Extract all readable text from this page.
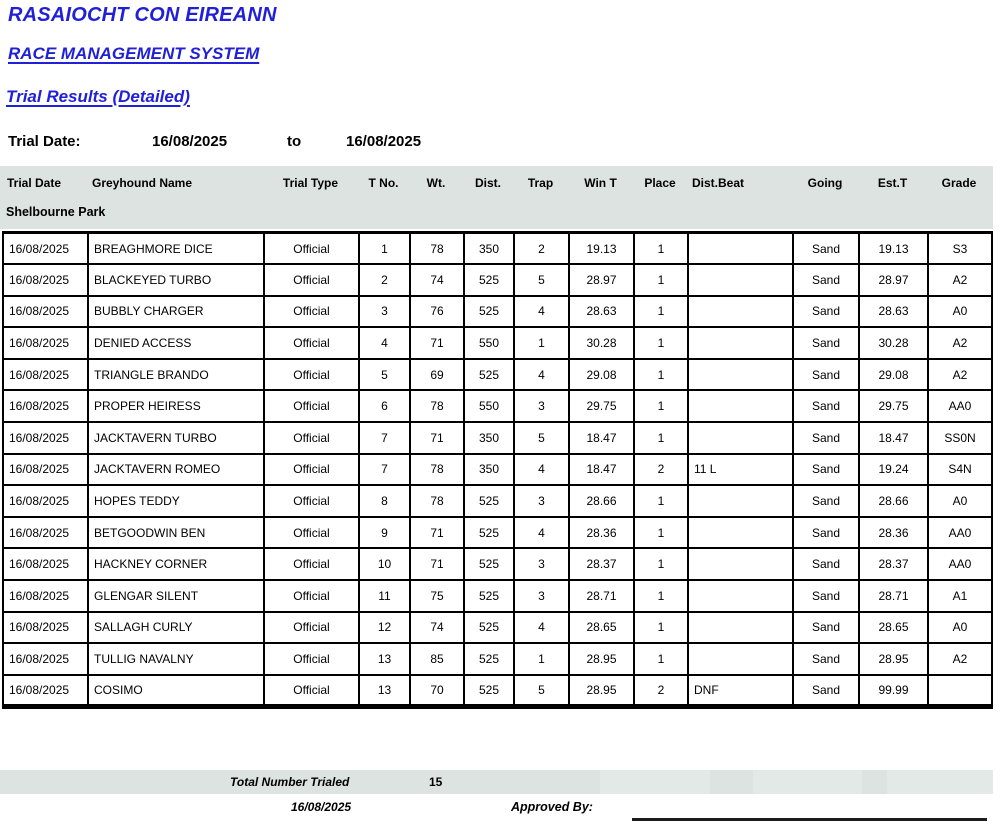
RASAIOCHT CON EIREANN
RACE MANAGEMENT SYSTEM
Trial Results (Detailed)
Trial Date:	16/08/2025	to	16/08/2025
Trial Date	Greyhound Name	Trial Type	T No.	Wt.	Dist.	Trap	Win T	Place	Dist.Beat	Going	Est.T	Grade
Shelbourne Park
16/08/2025	BREAGHMORE DICE	Official	1	78	350	2	19.13	1		Sand	19.13	S3
16/08/2025	BLACKEYED TURBO	Official	2	74	525	5	28.97	1		Sand	28.97	A2
16/08/2025	BUBBLY CHARGER	Official	3	76	525	4	28.63	1		Sand	28.63	A0
16/08/2025	DENIED ACCESS	Official	4	71	550	1	30.28	1		Sand	30.28	A2
16/08/2025	TRIANGLE BRANDO	Official	5	69	525	4	29.08	1		Sand	29.08	A2
16/08/2025	PROPER HEIRESS	Official	6	78	550	3	29.75	1		Sand	29.75	AA0
16/08/2025	JACKTAVERN TURBO	Official	7	71	350	5	18.47	1		Sand	18.47	SS0N
16/08/2025	JACKTAVERN ROMEO	Official	7	78	350	4	18.47	2	11 L	Sand	19.24	S4N
16/08/2025	HOPES TEDDY	Official	8	78	525	3	28.66	1		Sand	28.66	A0
16/08/2025	BETGOODWIN BEN	Official	9	71	525	4	28.36	1		Sand	28.36	AA0
16/08/2025	HACKNEY CORNER	Official	10	71	525	3	28.37	1		Sand	28.37	AA0
16/08/2025	GLENGAR SILENT	Official	11	75	525	3	28.71	1		Sand	28.71	A1
16/08/2025	SALLAGH CURLY	Official	12	74	525	4	28.65	1		Sand	28.65	A0
16/08/2025	TULLIG NAVALNY	Official	13	85	525	1	28.95	1		Sand	28.95	A2
16/08/2025	COSIMO	Official	13	70	525	5	28.95	2	DNF	Sand	99.99	
Total Number Trialed	15
16/08/2025	Approved By:
